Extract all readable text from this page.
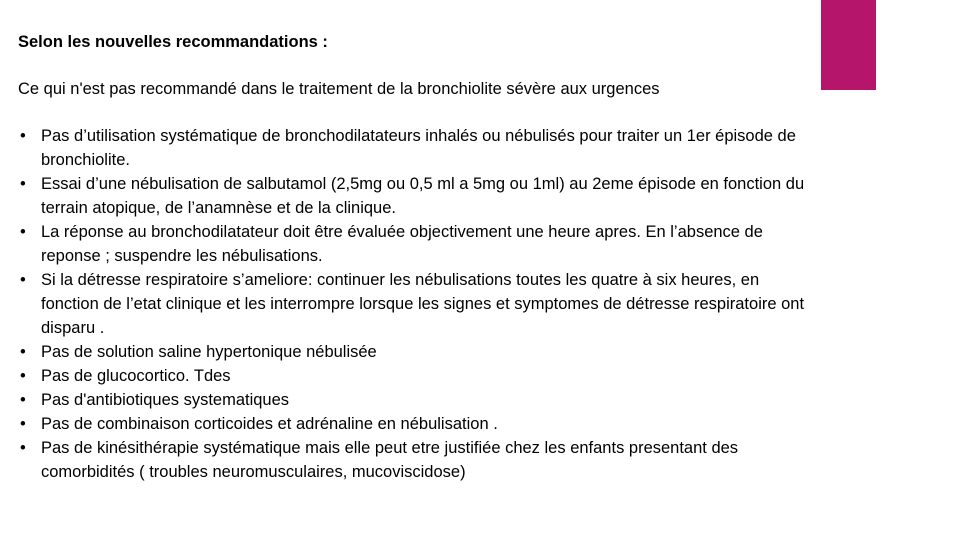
Selon les nouvelles recommandations :
Ce qui n'est pas recommandé dans le traitement de la bronchiolite sévère aux urgences
• Pas d’utilisation systématique de bronchodilatateurs inhalés ou nébulisés pour traiter un 1er épisode de bronchiolite.
• Essai d’une nébulisation de salbutamol (2,5mg ou 0,5 ml a 5mg ou 1ml) au 2eme épisode en fonction du terrain atopique, de l’anamnèse et de la clinique.
• La réponse au bronchodilatateur doit être évaluée objectivement une heure apres. En l’absence de reponse ; suspendre les nébulisations.
• Si la détresse respiratoire s’ameliore: continuer les nébulisations toutes les quatre à six heures, en fonction de l’etat clinique et les interrompre lorsque les signes et symptomes de détresse respiratoire ont disparu .
• Pas de solution saline hypertonique nébulisée
• Pas de glucocortico. Tdes
• Pas d'antibiotiques systematiques
• Pas de combinaison corticoides et adrénaline en nébulisation .
• Pas de kinésithérapie systématique mais elle peut etre justifiée chez les enfants presentant des comorbidités ( troubles neuromusculaires, mucoviscidose)
